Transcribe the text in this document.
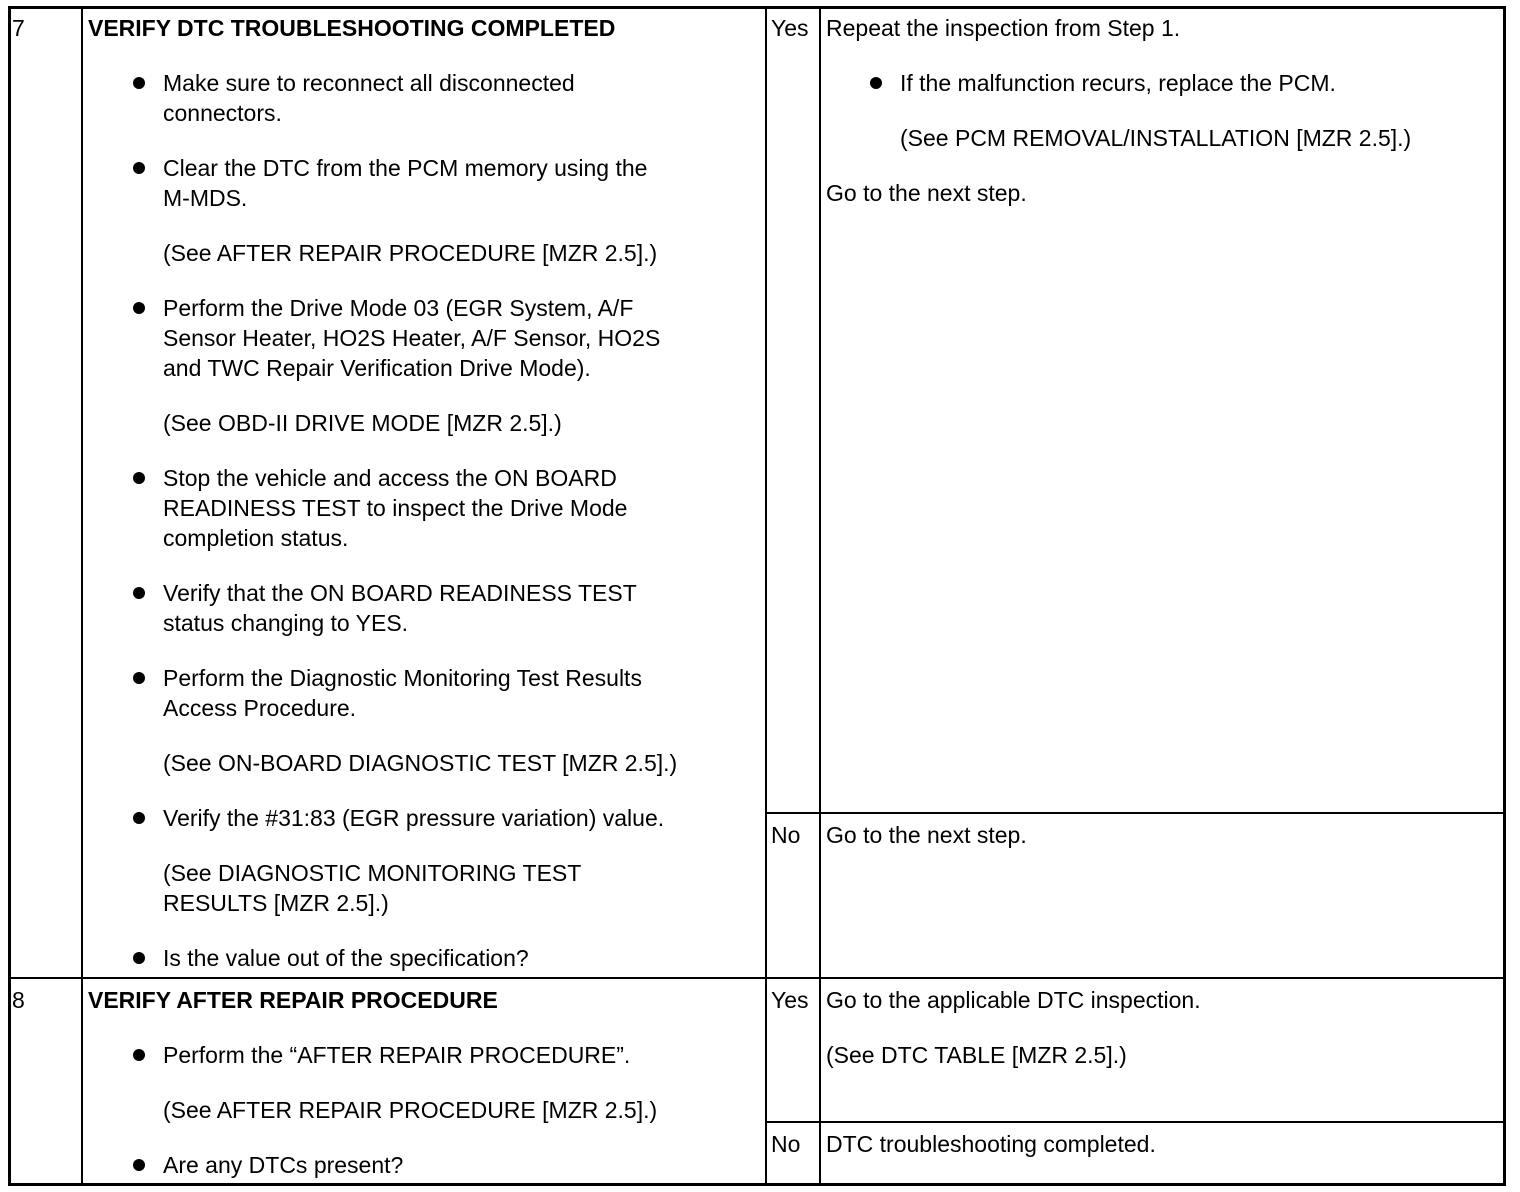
7	VERIFY DTC TROUBLESHOOTING COMPLETED
Make sure to reconnect all disconnected
connectors.
Clear the DTC from the PCM memory using the
M-MDS.
(See AFTER REPAIR PROCEDURE [MZR 2.5].)
Perform the Drive Mode 03 (EGR System, A/F
Sensor Heater, HO2S Heater, A/F Sensor, HO2S
and TWC Repair Verification Drive Mode).
(See OBD-II DRIVE MODE [MZR 2.5].)
Stop the vehicle and access the ON BOARD
READINESS TEST to inspect the Drive Mode
completion status.
Verify that the ON BOARD READINESS TEST
status changing to YES.
Perform the Diagnostic Monitoring Test Results
Access Procedure.
(See ON-BOARD DIAGNOSTIC TEST [MZR 2.5].)
Verify the #31:83 (EGR pressure variation) value.
(See DIAGNOSTIC MONITORING TEST
RESULTS [MZR 2.5].)
Is the value out of the specification?
Yes Repeat the inspection from Step 1.
If the malfunction recurs, replace the PCM.
(See PCM REMOVAL/INSTALLATION [MZR 2.5].)
Go to the next step.
No Go to the next step.
8	VERIFY AFTER REPAIR PROCEDURE
Perform the “AFTER REPAIR PROCEDURE”.
(See AFTER REPAIR PROCEDURE [MZR 2.5].)
Are any DTCs present?
Yes Go to the applicable DTC inspection.
(See DTC TABLE [MZR 2.5].)
No DTC troubleshooting completed.
